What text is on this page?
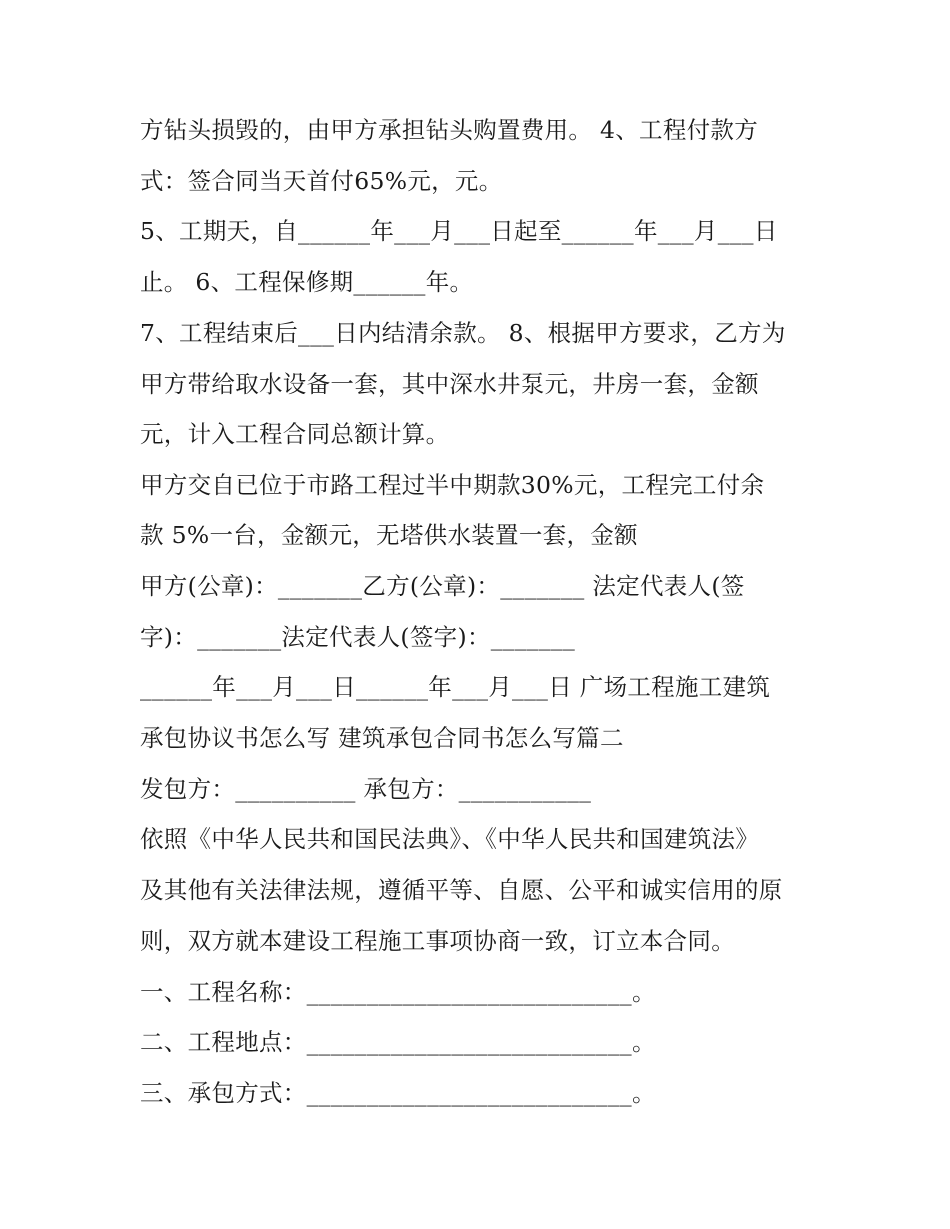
方钻头损毁的，由甲方承担钻头购置费用。 4、工程付款方
式：签合同当天首付65%元，元。
5、工期天，自______年___月___日起至______年___月___日
止。 6、工程保修期______年。
7、工程结束后___日内结清余款。 8、根据甲方要求，乙方为
甲方带给取水设备一套，其中深水井泵元，井房一套，金额
元，计入工程合同总额计算。
甲方交自已位于市路工程过半中期款30%元，工程完工付余
款 5%一台，金额元，无塔供水装置一套，金额
甲方(公章)：_______乙方(公章)：_______ 法定代表人(签
字)：_______法定代表人(签字)：_______
______年___月___日______年___月___日 广场工程施工建筑
承包协议书怎么写 建筑承包合同书怎么写篇二
发包方：__________ 承包方：___________
依照《中华人民共和国民法典》、《中华人民共和国建筑法》
及其他有关法律法规，遵循平等、自愿、公平和诚实信用的原
则，双方就本建设工程施工事项协商一致，订立本合同。
一、工程名称：___________________________。
二、工程地点：___________________________。
三、承包方式：___________________________。
